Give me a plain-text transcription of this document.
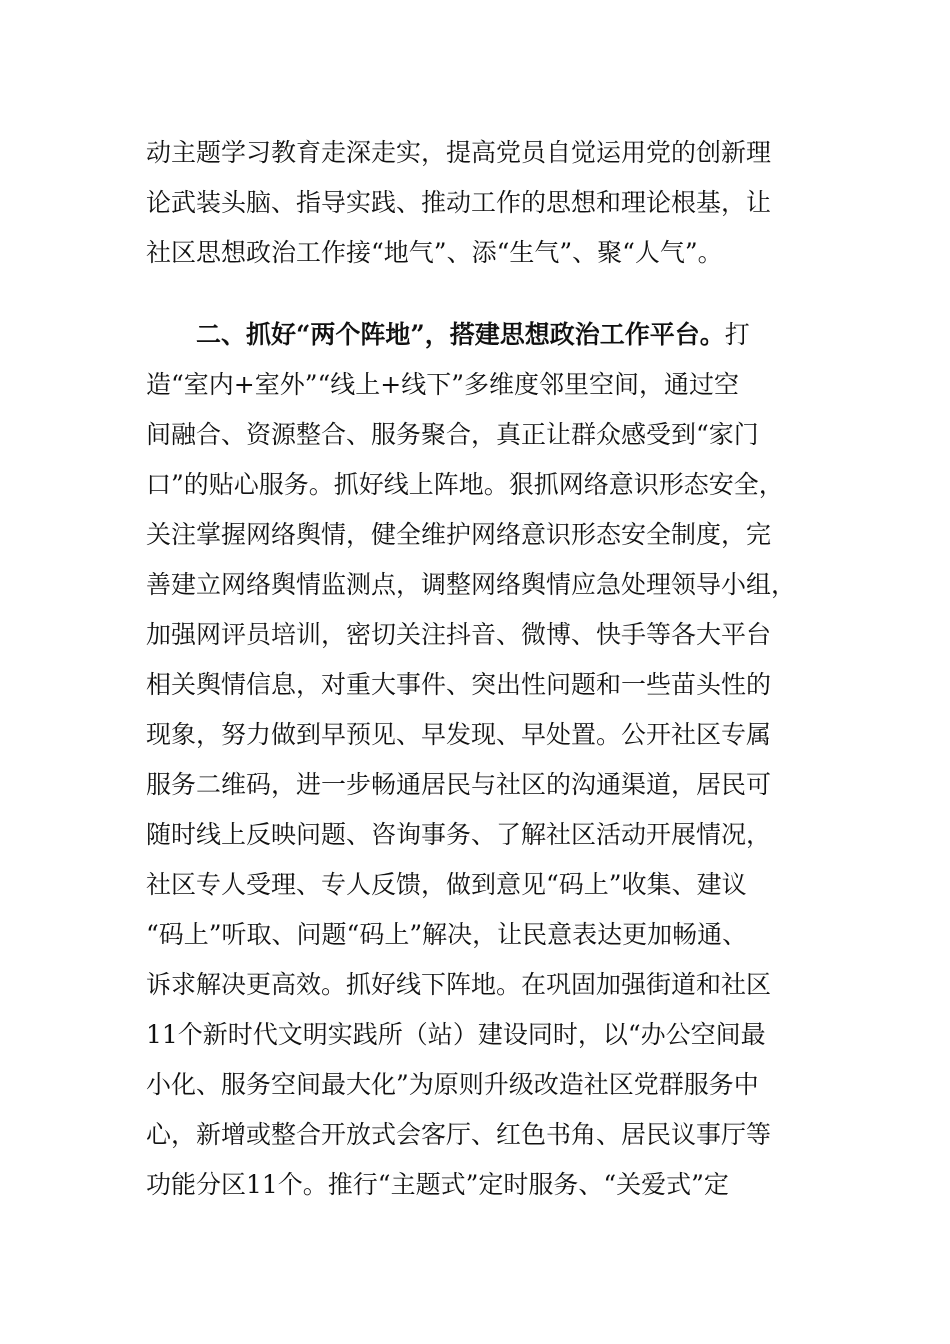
动主题学习教育走深走实，提高党员自觉运用党的创新理
论武装头脑、指导实践、推动工作的思想和理论根基，让
社区思想政治工作接“地气”、添“生气”、聚“人气”。
二、抓好“两个阵地”，搭建思想政治工作平台。打
造“室内+室外”“线上+线下”多维度邻里空间，通过空
间融合、资源整合、服务聚合，真正让群众感受到“家门
口”的贴心服务。抓好线上阵地。狠抓网络意识形态安全，
关注掌握网络舆情，健全维护网络意识形态安全制度，完
善建立网络舆情监测点，调整网络舆情应急处理领导小组，
加强网评员培训，密切关注抖音、微博、快手等各大平台
相关舆情信息，对重大事件、突出性问题和一些苗头性的
现象，努力做到早预见、早发现、早处置。公开社区专属
服务二维码，进一步畅通居民与社区的沟通渠道，居民可
随时线上反映问题、咨询事务、了解社区活动开展情况，
社区专人受理、专人反馈，做到意见“码上”收集、建议
“码上”听取、问题“码上”解决，让民意表达更加畅通、
诉求解决更高效。抓好线下阵地。在巩固加强街道和社区
11个新时代文明实践所（站）建设同时，以“办公空间最
小化、服务空间最大化”为原则升级改造社区党群服务中
心，新增或整合开放式会客厅、红色书角、居民议事厅等
功能分区11个。推行“主题式”定时服务、“关爱式”定
